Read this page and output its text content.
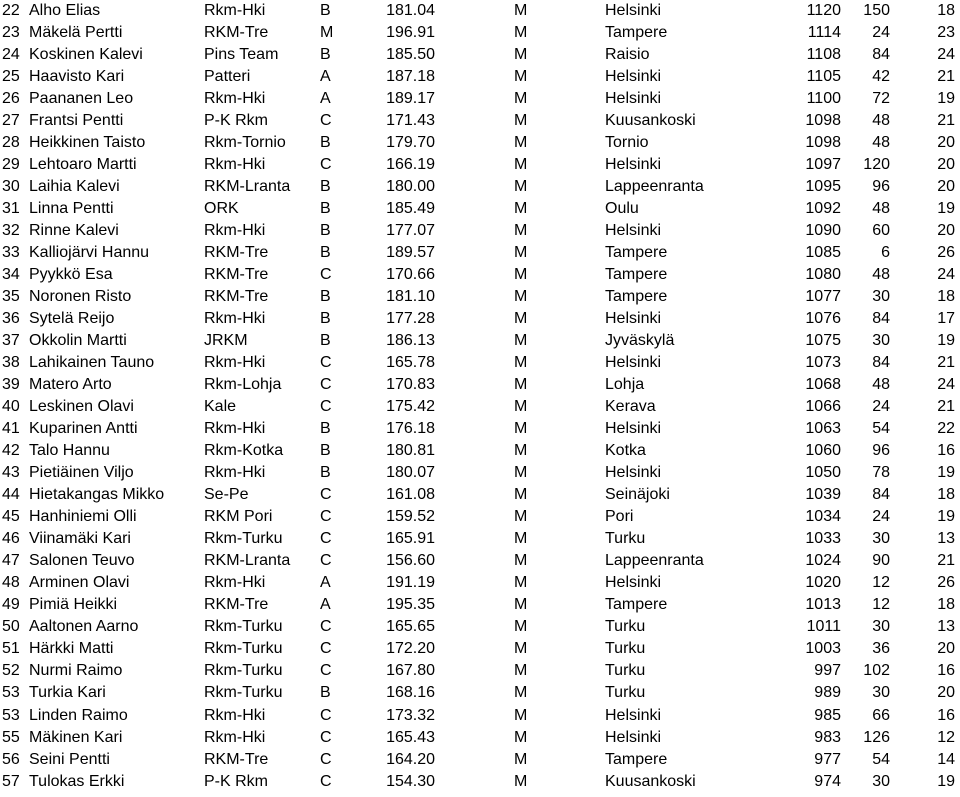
22 Alho Elias	Rkm-Hki	B	181.04	M	Helsinki	1120	150	18
23 Mäkelä Pertti	RKM-Tre	M	196.91	M	Tampere	1114	24	23
24 Koskinen Kalevi	Pins Team	B	185.50	M	Raisio	1108	84	24
25 Haavisto Kari	Patteri	A	187.18	M	Helsinki	1105	42	21
26 Paananen Leo	Rkm-Hki	A	189.17	M	Helsinki	1100	72	19
27 Frantsi Pentti	P-K Rkm	C	171.43	M	Kuusankoski	1098	48	21
28 Heikkinen Taisto	Rkm-Tornio	B	179.70	M	Tornio	1098	48	20
29 Lehtoaro Martti	Rkm-Hki	C	166.19	M	Helsinki	1097	120	20
30 Laihia Kalevi	RKM-Lranta	B	180.00	M	Lappeenranta	1095	96	20
31 Linna Pentti	ORK	B	185.49	M	Oulu	1092	48	19
32 Rinne Kalevi	Rkm-Hki	B	177.07	M	Helsinki	1090	60	20
33 Kalliojärvi Hannu	RKM-Tre	B	189.57	M	Tampere	1085	6	26
34 Pyykkö Esa	RKM-Tre	C	170.66	M	Tampere	1080	48	24
35 Noronen Risto	RKM-Tre	B	181.10	M	Tampere	1077	30	18
36 Sytelä Reijo	Rkm-Hki	B	177.28	M	Helsinki	1076	84	17
37 Okkolin Martti	JRKM	B	186.13	M	Jyväskylä	1075	30	19
38 Lahikainen Tauno	Rkm-Hki	C	165.78	M	Helsinki	1073	84	21
39 Matero Arto	Rkm-Lohja	C	170.83	M	Lohja	1068	48	24
40 Leskinen Olavi	Kale	C	175.42	M	Kerava	1066	24	21
41 Kuparinen Antti	Rkm-Hki	B	176.18	M	Helsinki	1063	54	22
42 Talo Hannu	Rkm-Kotka	B	180.81	M	Kotka	1060	96	16
43 Pietiäinen Viljo	Rkm-Hki	B	180.07	M	Helsinki	1050	78	19
44 Hietakangas Mikko	Se-Pe	C	161.08	M	Seinäjoki	1039	84	18
45 Hanhiniemi Olli	RKM Pori	C	159.52	M	Pori	1034	24	19
46 Viinamäki Kari	Rkm-Turku	C	165.91	M	Turku	1033	30	13
47 Salonen Teuvo	RKM-Lranta	C	156.60	M	Lappeenranta	1024	90	21
48 Arminen Olavi	Rkm-Hki	A	191.19	M	Helsinki	1020	12	26
49 Pimiä Heikki	RKM-Tre	A	195.35	M	Tampere	1013	12	18
50 Aaltonen Aarno	Rkm-Turku	C	165.65	M	Turku	1011	30	13
51 Härkki Matti	Rkm-Turku	C	172.20	M	Turku	1003	36	20
52 Nurmi Raimo	Rkm-Turku	C	167.80	M	Turku	997	102	16
53 Turkia Kari	Rkm-Turku	B	168.16	M	Turku	989	30	20
53 Linden Raimo	Rkm-Hki	C	173.32	M	Helsinki	985	66	16
55 Mäkinen Kari	Rkm-Hki	C	165.43	M	Helsinki	983	126	12
56 Seini Pentti	RKM-Tre	C	164.20	M	Tampere	977	54	14
57 Tulokas Erkki	P-K Rkm	C	154.30	M	Kuusankoski	974	30	19
